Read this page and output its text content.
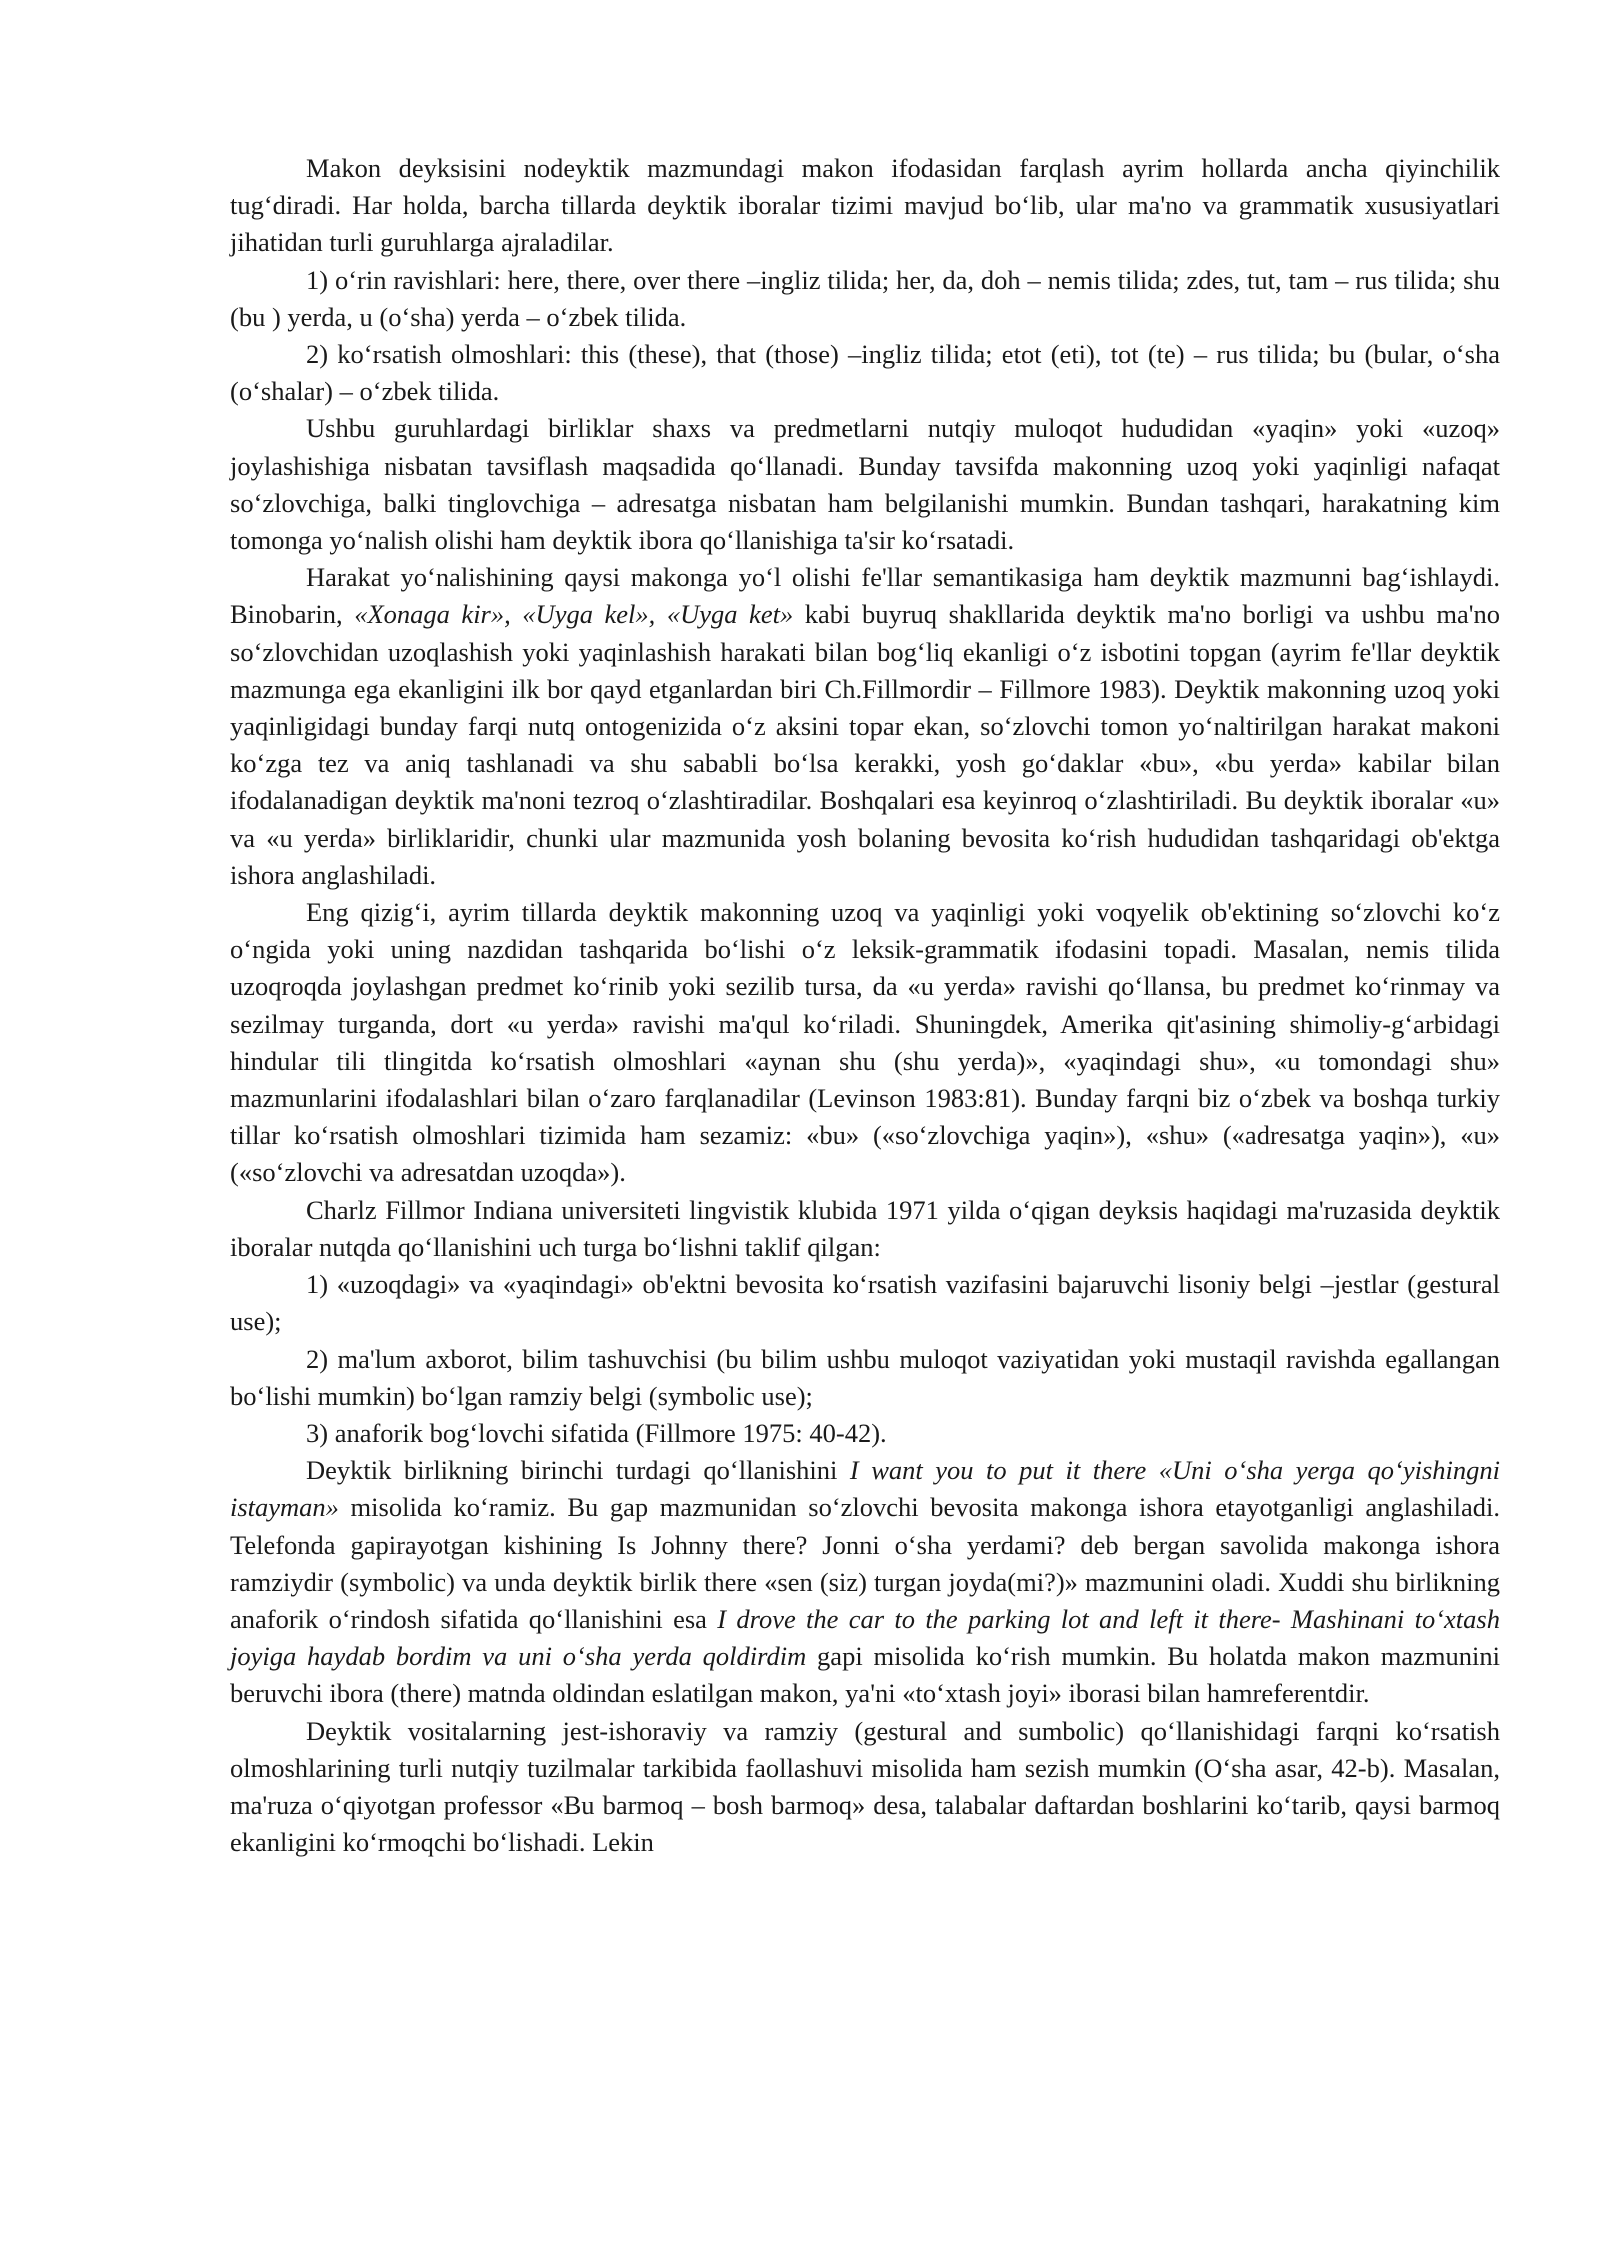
Makon deyksisini nodeyktik mazmundagi makon ifodasidan farqlash ayrim hollarda ancha qiyinchilik tug‘diradi. Har holda, barcha tillarda deyktik iboralar tizimi mavjud bo‘lib, ular ma'no va grammatik xususiyatlari jihatidan turli guruhlarga ajraladilar.

1) o‘rin ravishlari: here, there, over there –ingliz tilida; her, da, doh – nemis tilida; zdes, tut, tam – rus tilida; shu (bu ) yerda, u (o‘sha) yerda – o‘zbek tilida.

2) ko‘rsatish olmoshlari: this (these), that (those) –ingliz tilida; etot (eti), tot (te) – rus tilida; bu (bular, o‘sha (o‘shalar) – o‘zbek tilida.

Ushbu guruhlardagi birliklar shaxs va predmetlarni nutqiy muloqot hududidan «yaqin» yoki «uzoq» joylashishiga nisbatan tavsiflash maqsadida qo‘llanadi. Bunday tavsifda makonning uzoq yoki yaqinligi nafaqat so‘zlovchiga, balki tinglovchiga – adresatga nisbatan ham belgilanishi mumkin. Bundan tashqari, harakatning kim tomonga yo‘nalish olishi ham deyktik ibora qo‘llanishiga ta'sir ko‘rsatadi.

Harakat yo‘nalishining qaysi makonga yo‘l olishi fe'llar semantikasiga ham deyktik mazmunni bag‘ishlaydi. Binobarin, «Xonaga kir», «Uyga kel», «Uyga ket» kabi buyruq shakllarida deyktik ma'no borligi va ushbu ma'no so‘zlovchidan uzoqlashish yoki yaqinlashish harakati bilan bog‘liq ekanligi o‘z isbotini topgan (ayrim fe'llar deyktik mazmunga ega ekanligini ilk bor qayd etganlardan biri Ch.Fillmordir – Fillmore 1983). Deyktik makonning uzoq yoki yaqinligidagi bunday farqi nutq ontogenizida o‘z aksini topar ekan, so‘zlovchi tomon yo‘naltirilgan harakat makoni ko‘zga tez va aniq tashlanadi va shu sababli bo‘lsa kerakki, yosh go‘daklar «bu», «bu yerda» kabilar bilan ifodalanadigan deyktik ma'noni tezroq o‘zlashtiradilar. Boshqalari esa keyinroq o‘zlashtiriladi. Bu deyktik iboralar «u» va «u yerda» birliklaridir, chunki ular mazmunida yosh bolaning bevosita ko‘rish hududidan tashqaridagi ob'ektga ishora anglashiladi.

Eng qizig‘i, ayrim tillarda deyktik makonning uzoq va yaqinligi yoki voqyelik ob'ektining so‘zlovchi ko‘z o‘ngida yoki uning nazdidan tashqarida bo‘lishi o‘z leksik-grammatik ifodasini topadi. Masalan, nemis tilida uzoqroqda joylashgan predmet ko‘rinib yoki sezilib tursa, da «u yerda» ravishi qo‘llansa, bu predmet ko‘rinmay va sezilmay turganda, dort «u yerda» ravishi ma'qul ko‘riladi. Shuningdek, Amerika qit'asining shimoliy-g‘arbidagi hindular tili tlingitda ko‘rsatish olmoshlari «aynan shu (shu yerda)», «yaqindagi shu», «u tomondagi shu» mazmunlarini ifodalashlari bilan o‘zaro farqlanadilar (Levinson 1983:81). Bunday farqni biz o‘zbek va boshqa turkiy tillar ko‘rsatish olmoshlari tizimida ham sezamiz: «bu» («so‘zlovchiga yaqin»), «shu» («adresatga yaqin»), «u» («so‘zlovchi va adresatdan uzoqda»).

Charlz Fillmor Indiana universiteti lingvistik klubida 1971 yilda o‘qigan deyksis haqidagi ma'ruzasida deyktik iboralar nutqda qo‘llanishini uch turga bo‘lishni taklif qilgan:

1) «uzoqdagi» va «yaqindagi» ob'ektni bevosita ko‘rsatish vazifasini bajaruvchi lisoniy belgi –jestlar (gestural use);

2) ma'lum axborot, bilim tashuvchisi (bu bilim ushbu muloqot vaziyatidan yoki mustaqil ravishda egallangan bo‘lishi mumkin) bo‘lgan ramziy belgi (symbolic use);

3) anaforik bog‘lovchi sifatida (Fillmore 1975: 40-42).

Deyktik birlikning birinchi turdagi qo‘llanishini I want you to put it there «Uni o‘sha yerga qo‘yishingni istayman» misolida ko‘ramiz. Bu gap mazmunidan so‘zlovchi bevosita makonga ishora etayotganligi anglashiladi. Telefonda gapirayotgan kishining Is Johnny there? Jonni o‘sha yerdami? deb bergan savolida makonga ishora ramziydir (symbolic) va unda deyktik birlik there «sen (siz) turgan joyda(mi?)» mazmunini oladi. Xuddi shu birlikning anaforik o‘rindosh sifatida qo‘llanishini esa I drove the car to the parking lot and left it there- Mashinani to‘xtash joyiga haydab bordim va uni o‘sha yerda qoldirdim gapi misolida ko‘rish mumkin. Bu holatda makon mazmunini beruvchi ibora (there) matnda oldindan eslatilgan makon, ya'ni «to‘xtash joyi» iborasi bilan hamreferentdir.

Deyktik vositalarning jest-ishoraviy va ramziy (gestural and sumbolic) qo‘llanishidagi farqni ko‘rsatish olmoshlarining turli nutqiy tuzilmalar tarkibida faollashuvi misolida ham sezish mumkin (O‘sha asar, 42-b). Masalan, ma'ruza o‘qiyotgan professor «Bu barmoq – bosh barmoq» desa, talabalar daftardan boshlarini ko‘tarib, qaysi barmoq ekanligini ko‘rmoqchi bo‘lishadi. Lekin
